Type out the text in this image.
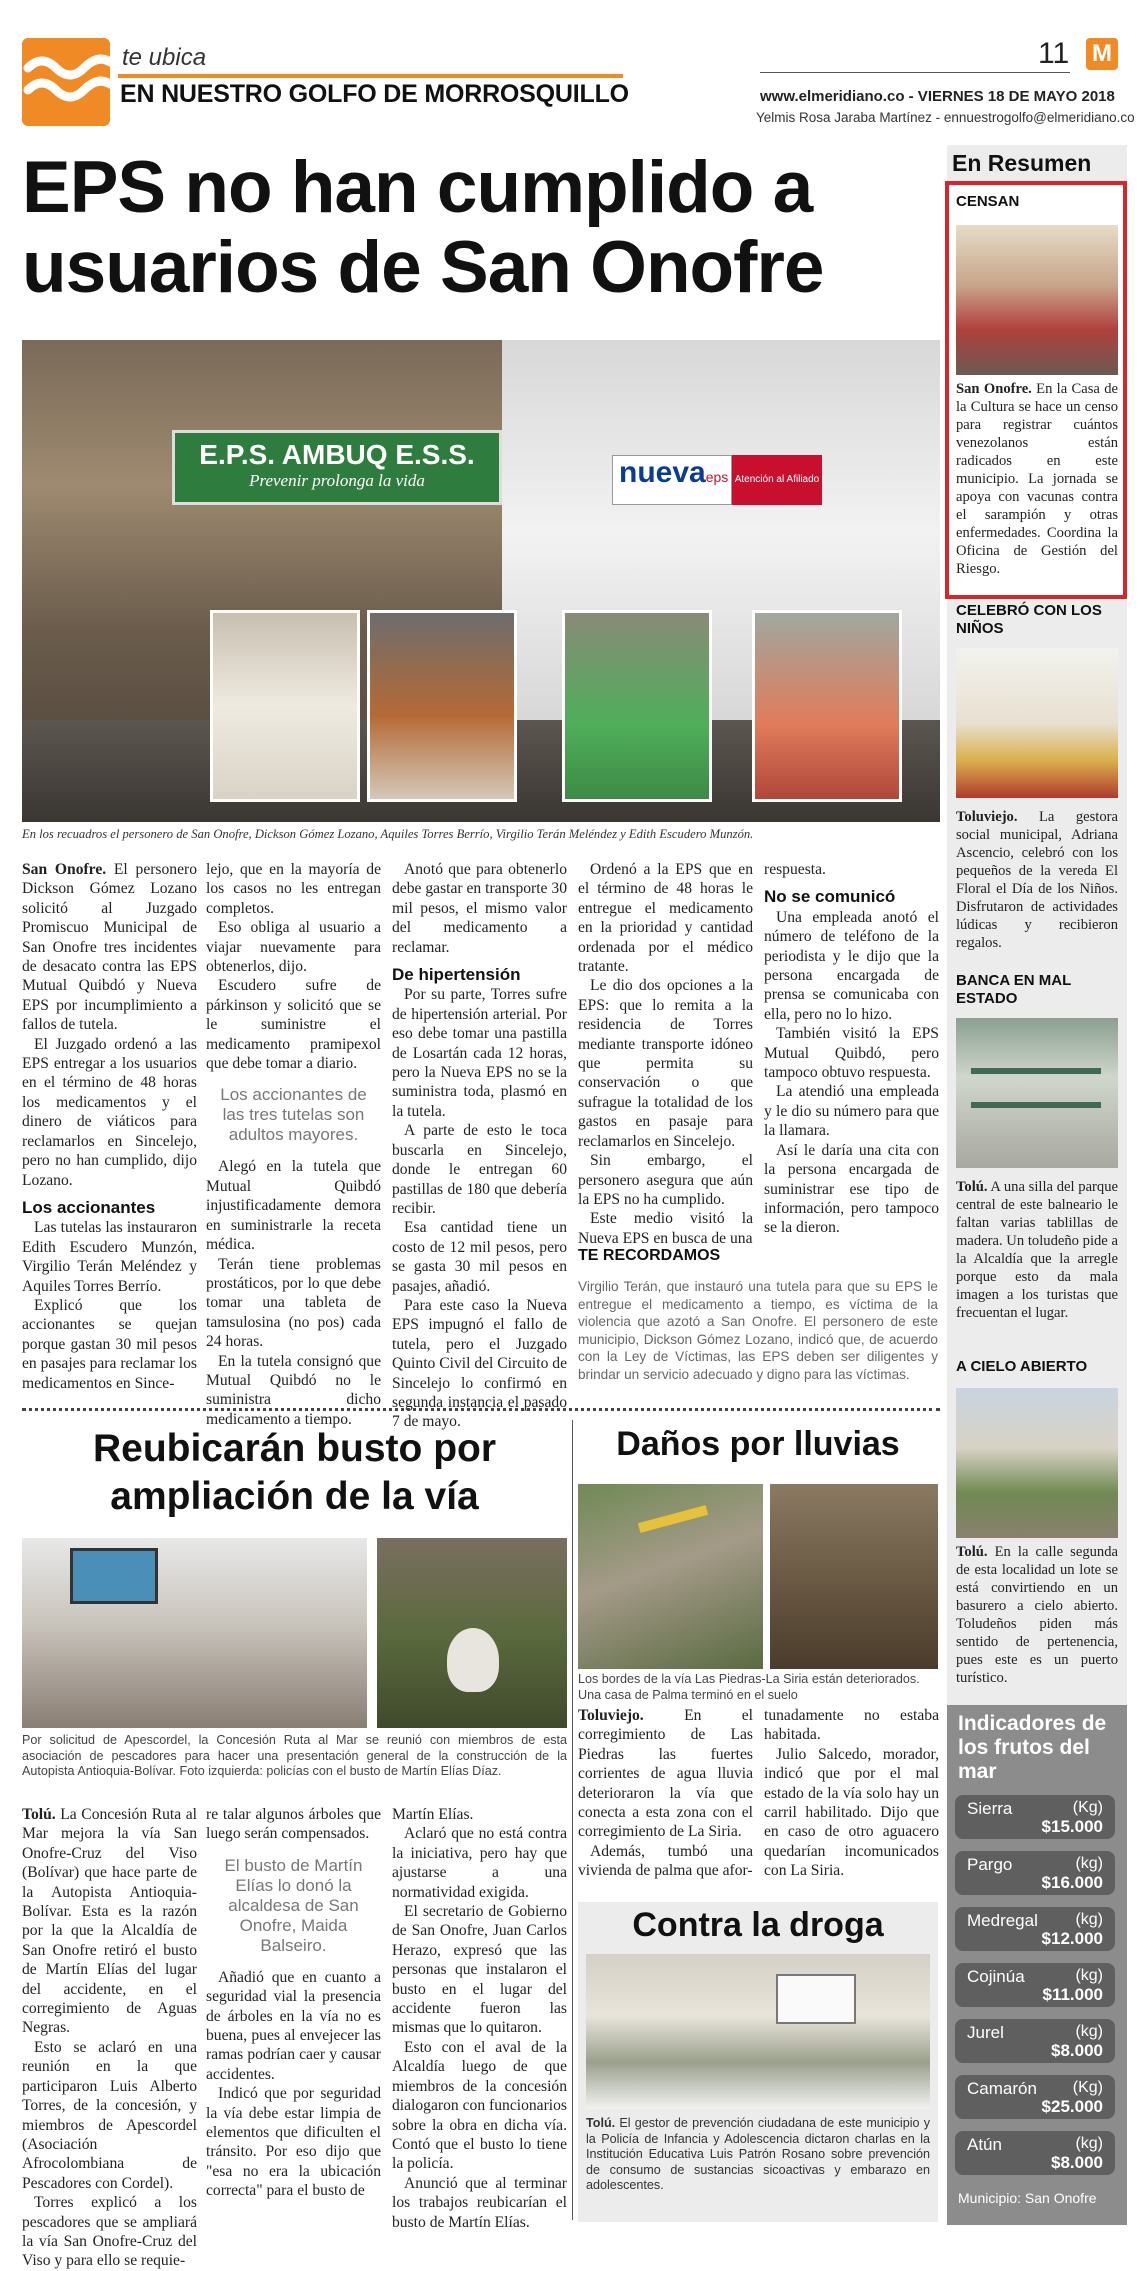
te ubica
EN NUESTRO GOLFO DE MORROSQUILLO
11 M
www.elmeridiano.co - VIERNES 18 DE MAYO 2018
Yelmis Rosa Jaraba Martínez - ennuestrogolfo@elmeridiano.co
EPS no han cumplido a
usuarios de San Onofre
E.P.S. AMBUQ E.S.S.
Prevenir prolonga la vida	nuevaeps Atención al Afiliado
En los recuadros el personero de San Onofre, Dickson Gómez Lozano, Aquiles Torres Berrío, Virgilio Terán Meléndez y Edith Escudero Munzón.

San Onofre. El personero Dickson Gómez Lozano solicitó al Juzgado Promiscuo Municipal de San Onofre tres incidentes de desacato contra las EPS Mutual Quibdó y Nueva EPS por incumplimiento a fallos de tutela.

El Juzgado ordenó a las EPS entregar a los usuarios en el término de 48 horas los medicamentos y el dinero de viáticos para reclamarlos en Sincelejo, pero no han cumplido, dijo Lozano.

Los accionantes

Las tutelas las instauraron Edith Escudero Munzón, Virgilio Terán Meléndez y Aquiles Torres Berrío.

Explicó que los accionantes se quejan porque gastan 30 mil pesos en pasajes para reclamar los medicamentos en Since-

lejo, que en la mayoría de los casos no les entregan completos.

Eso obliga al usuario a viajar nuevamente para obtenerlos, dijo.

Escudero sufre de párkinson y solicitó que se le suministre el medicamento pramipexol que debe tomar a diario.

Los accionantes de las tres tutelas son adultos mayores.

Alegó en la tutela que Mutual Quibdó injustificadamente demora en suministrarle la receta médica.

Terán tiene problemas prostáticos, por lo que debe tomar una tableta de tamsulosina (no pos) cada 24 horas.

En la tutela consignó que Mutual Quibdó no le suministra dicho medicamento a tiempo.

Anotó que para obtenerlo debe gastar en transporte 30 mil pesos, el mismo valor del medicamento a reclamar.

De hipertensión

Por su parte, Torres sufre de hipertensión arterial. Por eso debe tomar una pastilla de Losartán cada 12 horas, pero la Nueva EPS no se la suministra toda, plasmó en la tutela.

A parte de esto le toca buscarla en Sincelejo, donde le entregan 60 pastillas de 180 que debería recibir.

Esa cantidad tiene un costo de 12 mil pesos, pero se gasta 30 mil pesos en pasajes, añadió.

Para este caso la Nueva EPS impugnó el fallo de tutela, pero el Juzgado Quinto Civil del Circuito de Sincelejo lo confirmó en segunda instancia el pasado 7 de mayo.

Ordenó a la EPS que en el término de 48 horas le entregue el medicamento en la prioridad y cantidad ordenada por el médico tratante.

Le dio dos opciones a la EPS: que lo remita a la residencia de Torres mediante transporte idóneo que permita su conservación o que sufrague la totalidad de los gastos en pasaje para reclamarlos en Sincelejo.

Sin embargo, el personero asegura que aún la EPS no ha cumplido.

Este medio visitó la Nueva EPS en busca de una

respuesta.

No se comunicó

Una empleada anotó el número de teléfono de la periodista y le dijo que la persona encargada de prensa se comunicaba con ella, pero no lo hizo.

También visitó la EPS Mutual Quibdó, pero tampoco obtuvo respuesta.

La atendió una empleada y le dio su número para que la llamara.

Así le daría una cita con la persona encargada de suministrar ese tipo de información, pero tampoco se la dieron.

TE RECORDAMOS
Virgilio Terán, que instauró una tutela para que su EPS le entregue el medicamento a tiempo, es víctima de la violencia que azotó a San Onofre. El personero de este municipio, Dickson Gómez Lozano, indicó que, de acuerdo con la Ley de Víctimas, las EPS deben ser diligentes y brindar un servicio adecuado y digno para las víctimas.
Reubicarán busto por
ampliación de la vía
Por solicitud de Apescordel, la Concesión Ruta al Mar se reunió con miembros de esta asociación de pescadores para hacer una presentación general de la construcción de la Autopista Antioquia-Bolívar. Foto izquierda: policías con el busto de Martín Elías Díaz.

Tolú. La Concesión Ruta al Mar mejora la vía San Onofre-Cruz del Viso (Bolívar) que hace parte de la Autopista Antioquia-Bolívar. Esta es la razón por la que la Alcaldía de San Onofre retiró el busto de Martín Elías del lugar del accidente, en el corregimiento de Aguas Negras.

Esto se aclaró en una reunión en la que participaron Luis Alberto Torres, de la concesión, y miembros de Apescordel (Asociación Afrocolombiana de Pescadores con Cordel).

Torres explicó a los pescadores que se ampliará la vía San Onofre-Cruz del Viso y para ello se requie-

re talar algunos árboles que luego serán compensados.

El busto de Martín Elías lo donó la alcaldesa de San Onofre, Maida Balseiro.

Añadió que en cuanto a seguridad vial la presencia de árboles en la vía no es buena, pues al envejecer las ramas podrían caer y causar accidentes.

Indicó que por seguridad la vía debe estar limpia de elementos que dificulten el tránsito. Por eso dijo que "esa no era la ubicación correcta" para el busto de

Martín Elías.

Aclaró que no está contra la iniciativa, pero hay que ajustarse a una normatividad exigida.

El secretario de Gobierno de San Onofre, Juan Carlos Herazo, expresó que las personas que instalaron el busto en el lugar del accidente fueron las mismas que lo quitaron.

Esto con el aval de la Alcaldía luego de que miembros de la concesión dialogaron con funcionarios sobre la obra en dicha vía. Contó que el busto lo tiene la policía.

Anunció que al terminar los trabajos reubicarían el busto de Martín Elías.

Daños por lluvias
Los bordes de la vía Las Piedras-La Siria están deteriorados. Una casa de Palma terminó en el suelo

Toluviejo. En el corregimiento de Las Piedras las fuertes corrientes de agua lluvia deterioraron la vía que conecta a esta zona con el corregimiento de La Siria.

Además, tumbó una vivienda de palma que afor-

tunadamente no estaba habitada.

Julio Salcedo, morador, indicó que por el mal estado de la vía solo hay un carril habilitado. Dijo que en caso de otro aguacero quedarían incomunicados con La Siria.

Contra la droga
Tolú. El gestor de prevención ciudadana de este municipio y la Policía de Infancia y Adolescencia dictaron charlas en la Institución Educativa Luis Patrón Rosano sobre prevención de consumo de sustancias sicoactivas y embarazo en adolescentes.
En Resumen
CENSAN
San Onofre. En la Casa de la Cultura se hace un censo para registrar cuántos venezolanos están radicados en este municipio. La jornada se apoya con vacunas contra el sarampión y otras enfermedades. Coordina la Oficina de Gestión del Riesgo.
CELEBRÓ CON LOS NIÑOS
Toluviejo. La gestora social municipal, Adriana Ascencio, celebró con los pequeños de la vereda El Floral el Día de los Niños. Disfrutaron de actividades lúdicas y recibieron regalos.
BANCA EN MAL ESTADO
Tolú. A una silla del parque central de este balneario le faltan varias tablillas de madera. Un toludeño pide a la Alcaldía que la arregle porque esto da mala imagen a los turistas que frecuentan el lugar.
A CIELO ABIERTO
Tolú. En la calle segunda de esta localidad un lote se está convirtiendo en un basurero a cielo abierto. Toludeños piden más sentido de pertenencia, pues este es un puerto turístico.
Indicadores de los frutos del mar
Sierra	(Kg)
$15.000
Pargo	(kg)
$16.000
Medregal (kg)
$12.000
Cojinúa	(kg)
$11.000
Jurel	(kg)
$8.000
Camarón (Kg)
$25.000
Atún	(kg)
$8.000
Municipio: San Onofre
